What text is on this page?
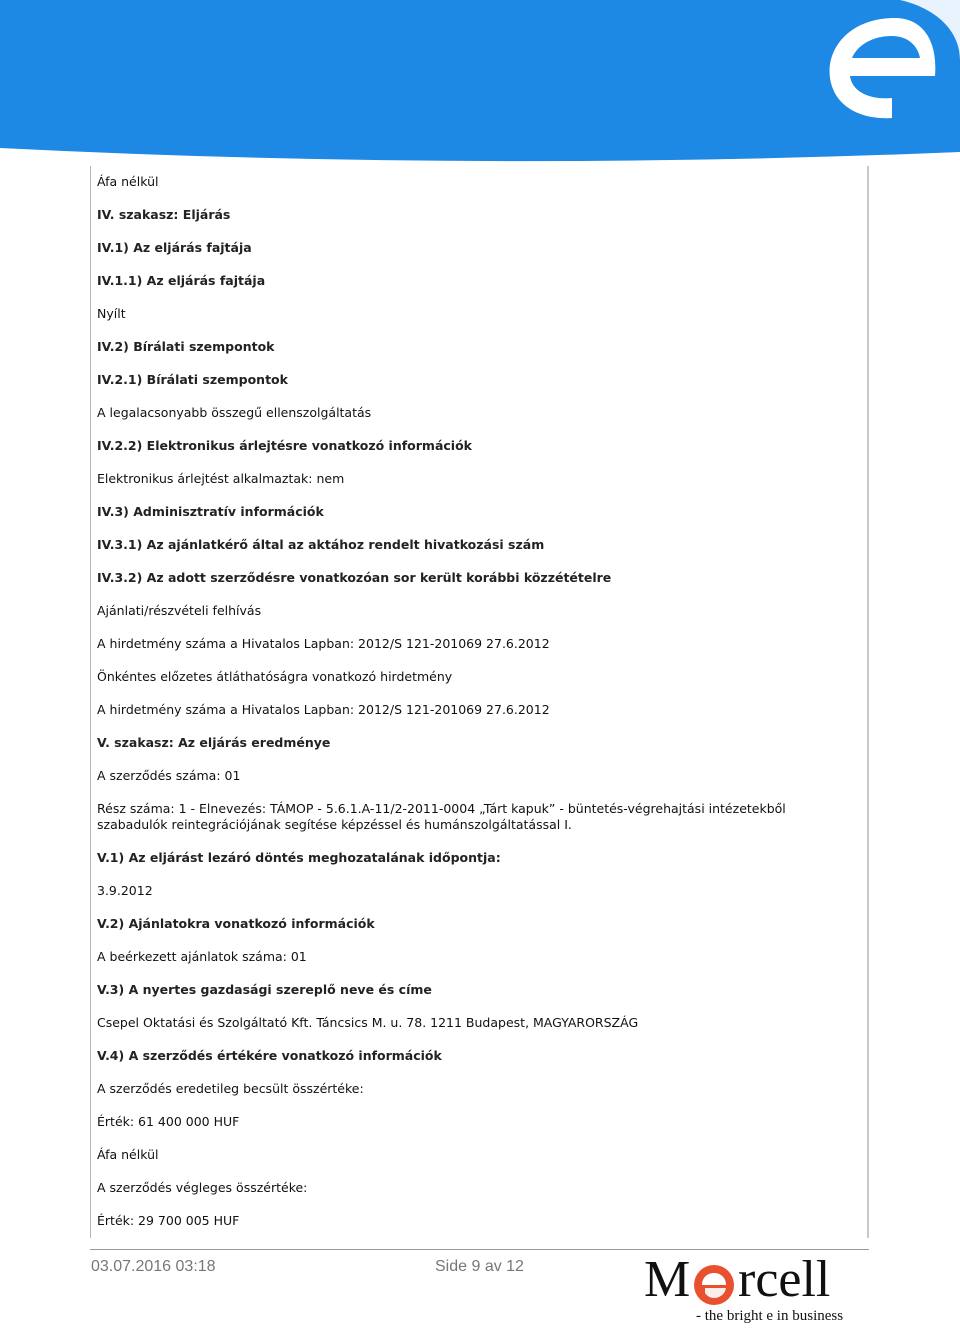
Áfa nélkül
IV. szakasz: Eljárás
IV.1) Az eljárás fajtája
IV.1.1) Az eljárás fajtája
Nyílt
IV.2) Bírálati szempontok
IV.2.1) Bírálati szempontok
A legalacsonyabb összegű ellenszolgáltatás
IV.2.2) Elektronikus árlejtésre vonatkozó információk
Elektronikus árlejtést alkalmaztak: nem
IV.3) Adminisztratív információk
IV.3.1) Az ajánlatkérő által az aktához rendelt hivatkozási szám
IV.3.2) Az adott szerződésre vonatkozóan sor került korábbi közzétételre
Ajánlati/részvételi felhívás
A hirdetmény száma a Hivatalos Lapban: 2012/S 121-201069 27.6.2012
Önkéntes előzetes átláthatóságra vonatkozó hirdetmény
A hirdetmény száma a Hivatalos Lapban: 2012/S 121-201069 27.6.2012
V. szakasz: Az eljárás eredménye
A szerződés száma: 01
Rész száma: 1 - Elnevezés: TÁMOP - 5.6.1.A-11/2-2011-0004 „Tárt kapuk” - büntetés-végrehajtási intézetekből szabadulók reintegrációjának segítése képzéssel és humánszolgáltatással I.
V.1) Az eljárást lezáró döntés meghozatalának időpontja:
3.9.2012
V.2) Ajánlatokra vonatkozó információk
A beérkezett ajánlatok száma: 01
V.3) A nyertes gazdasági szereplő neve és címe
Csepel Oktatási és Szolgáltató Kft. Táncsics M. u. 78. 1211 Budapest, MAGYARORSZÁG
V.4) A szerződés értékére vonatkozó információk
A szerződés eredetileg becsült összértéke:
Érték: 61 400 000 HUF
Áfa nélkül
A szerződés végleges összértéke:
Érték: 29 700 005 HUF
03.07.2016 03:18	Side 9 av 12 M rcell
- the bright e in business
